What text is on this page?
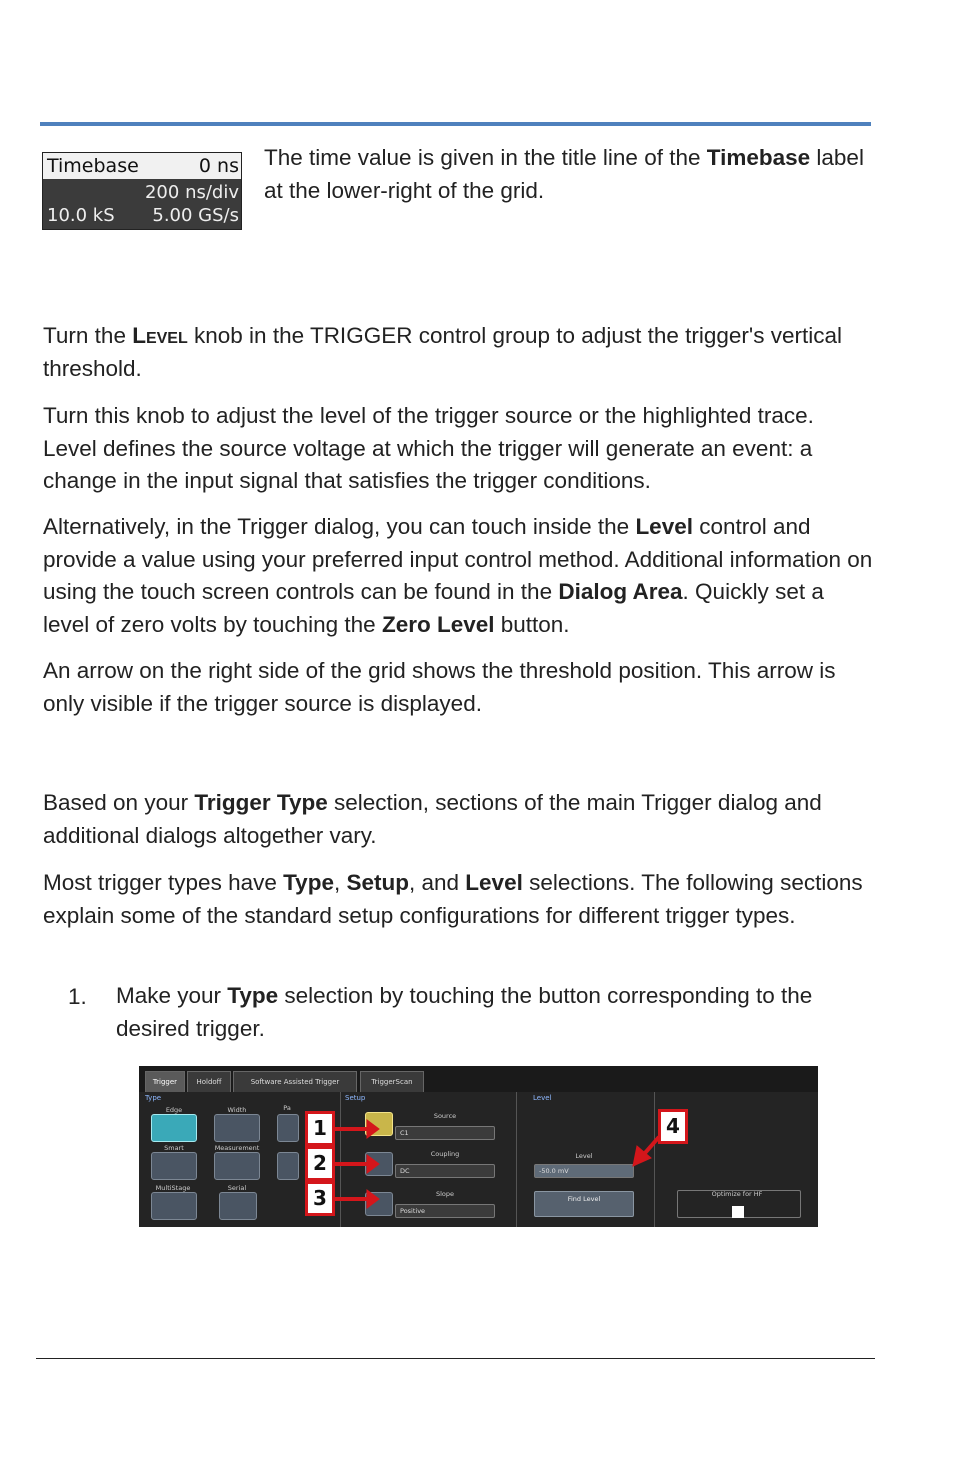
Timebase	0 ns
200 ns/div
10.0 kS 5.00 GS/s

The time value is given in the title line of the Timebase label at the lower-right of the grid.

Turn the Level knob in the TRIGGER control group to adjust the trigger's vertical threshold.

Turn this knob to adjust the level of the trigger source or the highlighted trace. Level defines the source voltage at which the trigger will generate an event: a change in the input signal that satisfies the trigger conditions.

Alternatively, in the Trigger dialog, you can touch inside the Level control and provide a value using your preferred input control method. Additional information on using the touch screen controls can be found in the Dialog Area. Quickly set a level of zero volts by touching the Zero Level button.

An arrow on the right side of the grid shows the threshold position. This arrow is only visible if the trigger source is displayed.

Based on your Trigger Type selection, sections of the main Trigger dialog and additional dialogs altogether vary.

Most trigger types have Type, Setup, and Level selections. The following sections explain some of the standard setup configurations for different trigger types.

1. Make your Type selection by touching the button corresponding to the desired trigger.

Trigger	Holdoff	Software Assisted Trigger	TriggerScan
Type	Setup	Level
Edge	Width	Pa
Smart	Measurement
MultiStage	Serial
Source
C1
Coupling
DC
Slope
Positive
Level
-50.0 mV
Find Level
Optimize for HF
1
2
3
4
